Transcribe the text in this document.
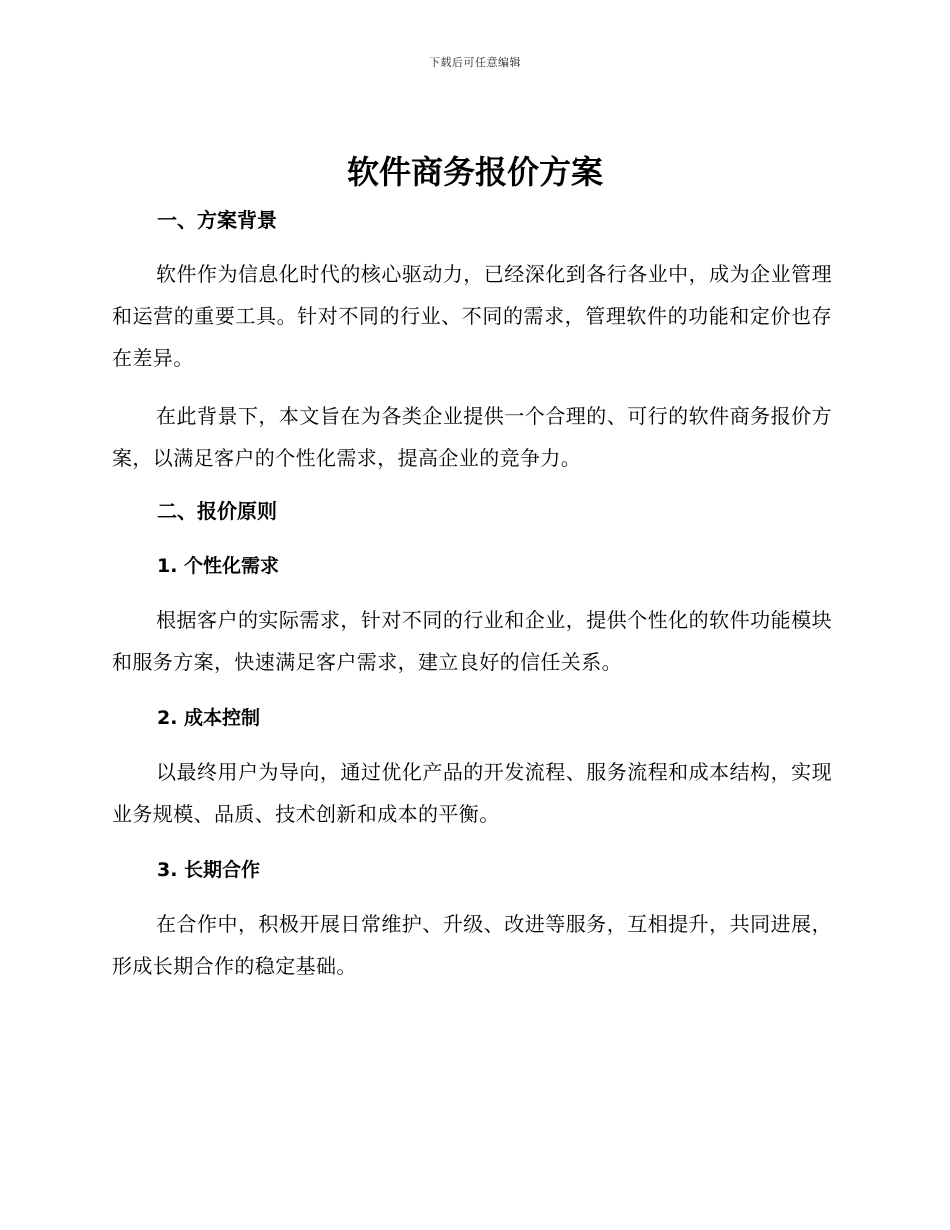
下载后可任意编辑
软件商务报价方案
一、方案背景

软件作为信息化时代的核心驱动力，已经深化到各行各业中，成为企业管理和运营的重要工具。针对不同的行业、不同的需求，管理软件的功能和定价也存在差异。

在此背景下，本文旨在为各类企业提供一个合理的、可行的软件商务报价方案，以满足客户的个性化需求，提高企业的竞争力。

二、报价原则
1. 个性化需求

根据客户的实际需求，针对不同的行业和企业，提供个性化的软件功能模块和服务方案，快速满足客户需求，建立良好的信任关系。

2. 成本控制

以最终用户为导向，通过优化产品的开发流程、服务流程和成本结构，实现业务规模、品质、技术创新和成本的平衡。

3. 长期合作

在合作中，积极开展日常维护、升级、改进等服务，互相提升，共同进展，形成长期合作的稳定基础。
